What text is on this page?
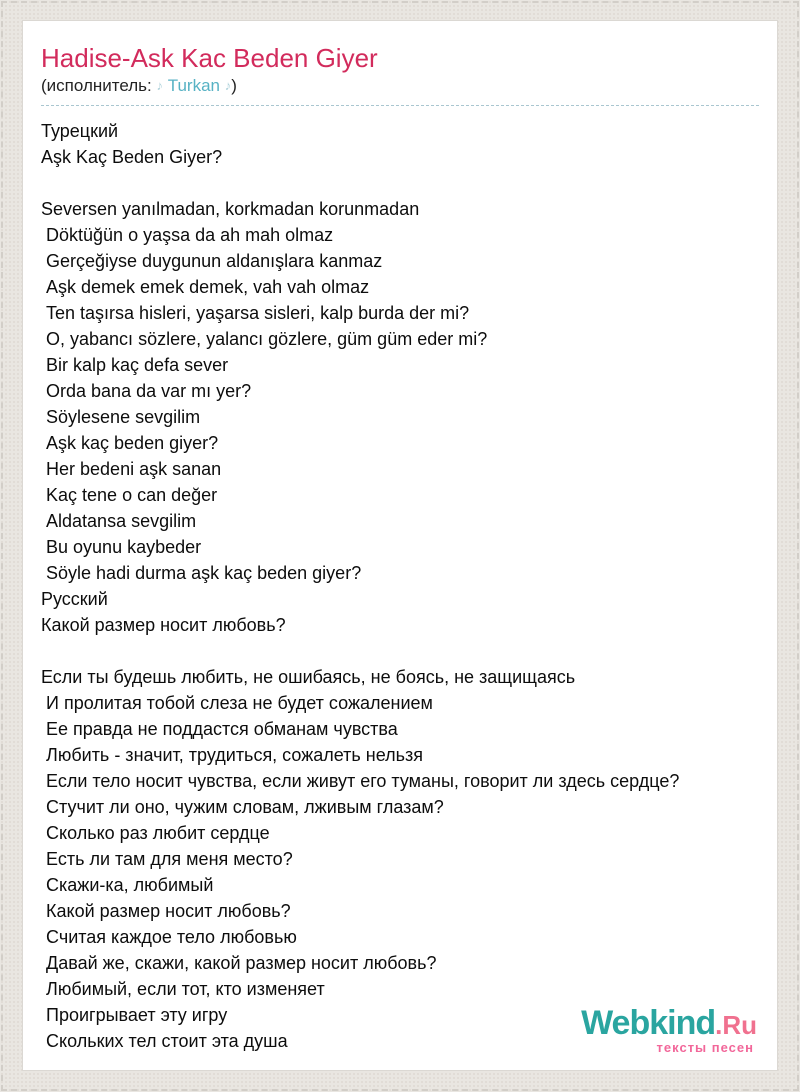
Hadise-Ask Kac Beden Giyer
(исполнитель: ♪ Turkan ♪)
Турецкий
Aşk Kaç Beden Giyer?
Seversen yanılmadan, korkmadan korunmadan
Döktüğün o yaşsa da ah mah olmaz
Gerçeğiyse duygunun aldanışlara kanmaz
Aşk demek emek demek, vah vah olmaz
Ten taşırsa hisleri, yaşarsa sisleri, kalp burda der mi?
O, yabancı sözlere, yalancı gözlere, güm güm eder mi?
Bir kalp kaç defa sever
Orda bana da var mı yer?
Söylesene sevgilim
Aşk kaç beden giyer?
Her bedeni aşk sanan
Kaç tene o can değer
Aldatansa sevgilim
Bu oyunu kaybeder
Söyle hadi durma aşk kaç beden giyer?
Русский
Какой размер носит любовь?
Если ты будешь любить, не ошибаясь, не боясь, не защищаясь
И пролитая тобой слеза не будет сожалением
Ее правда не поддастся обманам чувства
Любить - значит, трудиться, сожалеть нельзя
Если тело носит чувства, если живут его туманы, говорит ли здесь сердце?
Стучит ли оно, чужим словам, лживым глазам?
Сколько раз любит сердце
Есть ли там для меня место?
Скажи-ка, любимый
Какой размер носит любовь?
Считая каждое тело любовью
Давай же, скажи, какой размер носит любовь?
Любимый, если тот, кто изменяет
Проигрывает эту игру
Скольких тел стоит эта душа	Webkind.Ru
тексты песен
